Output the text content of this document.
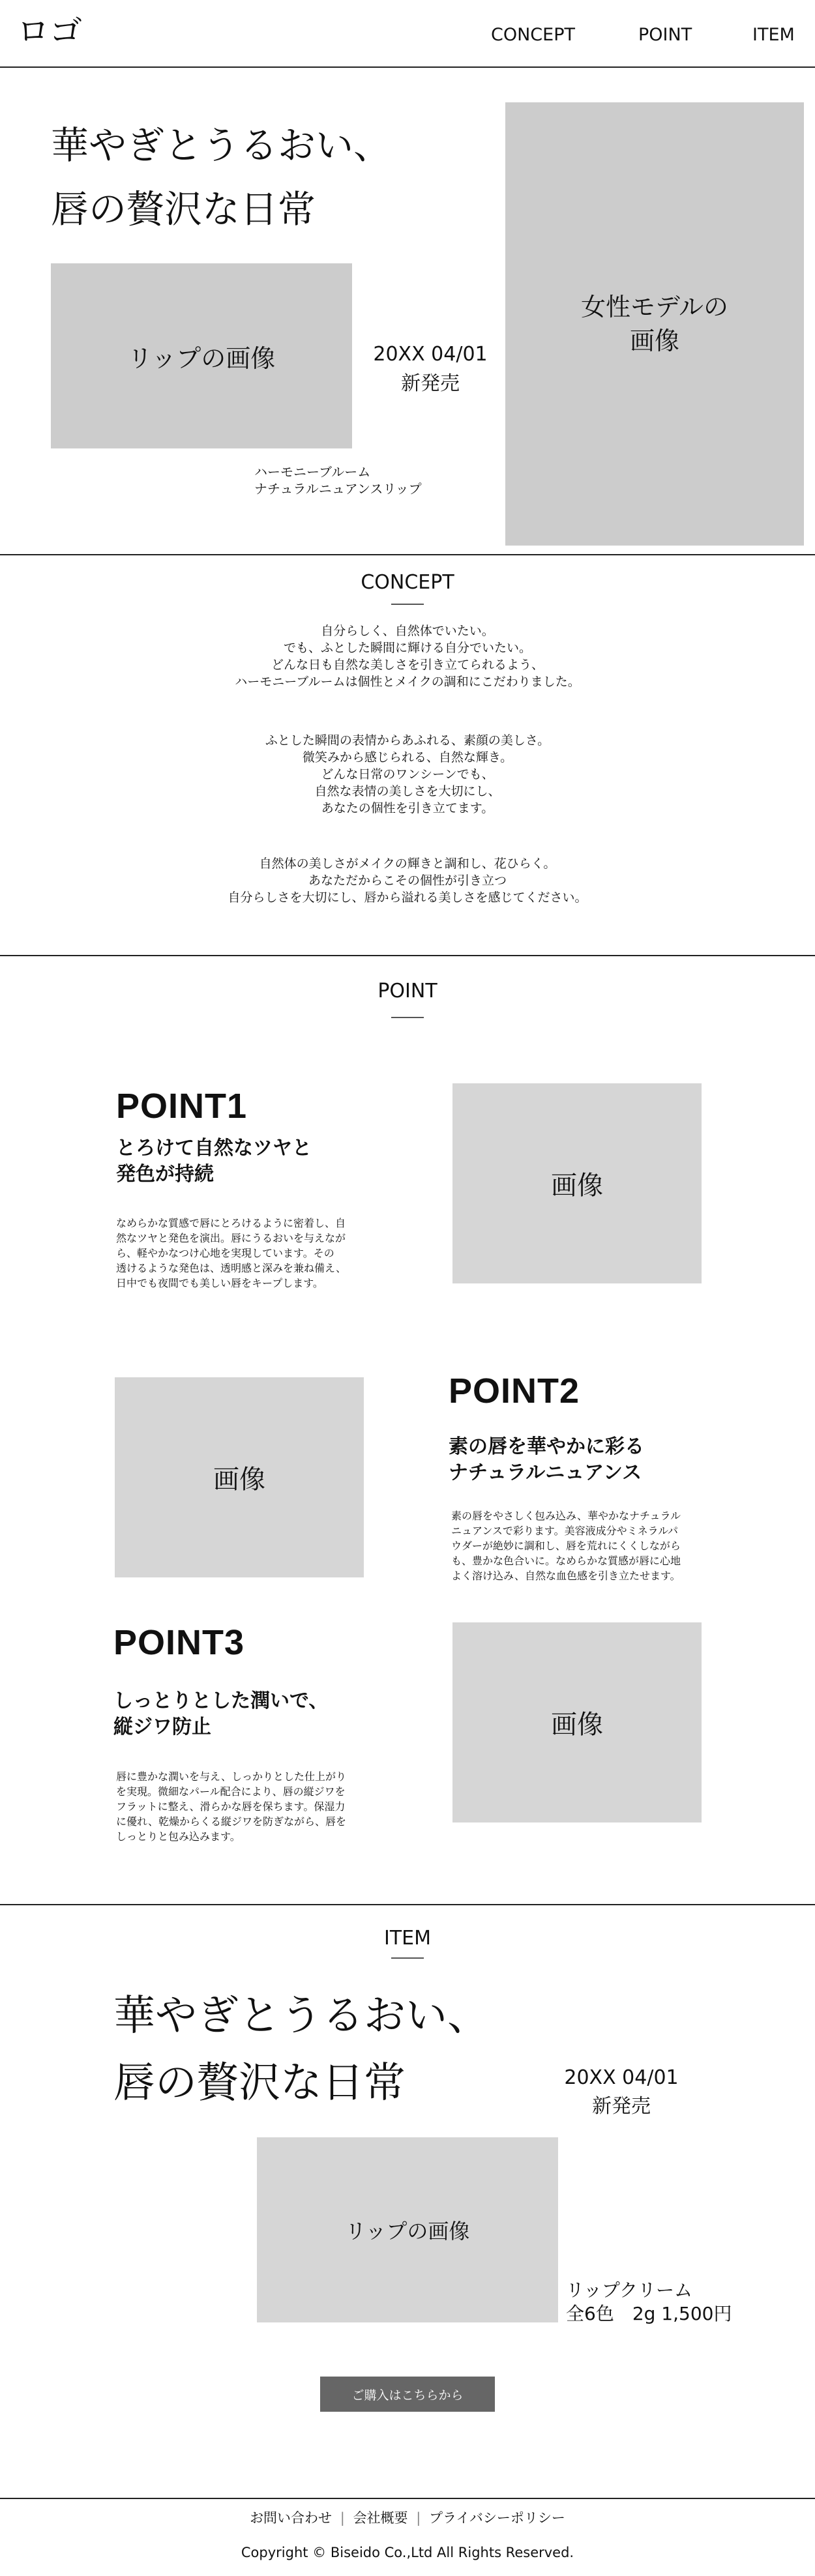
ロゴ	CONCEPT	POINT	ITEM
華やぎとうるおい、
唇の贅沢な日常
リップの画像	20XX 04/01
新発売
ハーモニーブルーム
ナチュラルニュアンスリップ
女性モデルの
画像
CONCEPT

自分らしく、自然体でいたい。
でも、ふとした瞬間に輝ける自分でいたい。
どんな日も自然な美しさを引き立てられるよう、
ハーモニーブルームは個性とメイクの調和にこだわりました。

ふとした瞬間の表情からあふれる、素顔の美しさ。
微笑みから感じられる、自然な輝き。
どんな日常のワンシーンでも、
自然な表情の美しさを大切にし、
あなたの個性を引き立てます。

自然体の美しさがメイクの輝きと調和し、花ひらく。
あなただからこその個性が引き立つ
自分らしさを大切にし、唇から溢れる美しさを感じてください。

POINT
POINT1
とろけて自然なツヤと
発色が持続

なめらかな質感で唇にとろけるように密着し、自
然なツヤと発色を演出。唇にうるおいを与えなが
ら、軽やかなつけ心地を実現しています。その
透けるような発色は、透明感と深みを兼ね備え、
日中でも夜間でも美しい唇をキープします。

画像
画像
POINT2
素の唇を華やかに彩る
ナチュラルニュアンス

素の唇をやさしく包み込み、華やかなナチュラル
ニュアンスで彩ります。美容液成分やミネラルパ
ウダーが絶妙に調和し、唇を荒れにくくしながら
も、豊かな色合いに。なめらかな質感が唇に心地
よく溶け込み、自然な血色感を引き立たせます。

POINT3
しっとりとした潤いで、
縦ジワ防止

唇に豊かな潤いを与え、しっかりとした仕上がり
を実現。微細なパール配合により、唇の縦ジワを
フラットに整え、滑らかな唇を保ちます。保湿力
に優れ、乾燥からくる縦ジワを防ぎながら、唇を
しっとりと包み込みます。

画像
ITEM
華やぎとうるおい、
唇の贅沢な日常	20XX 04/01
新発売
リップの画像
リップクリーム
全6色　2g 1,500円
ご購入はこちらから
お問い合わせ | 会社概要 | プライバシーポリシー
Copyright © Biseido Co.,Ltd All Rights Reserved.
